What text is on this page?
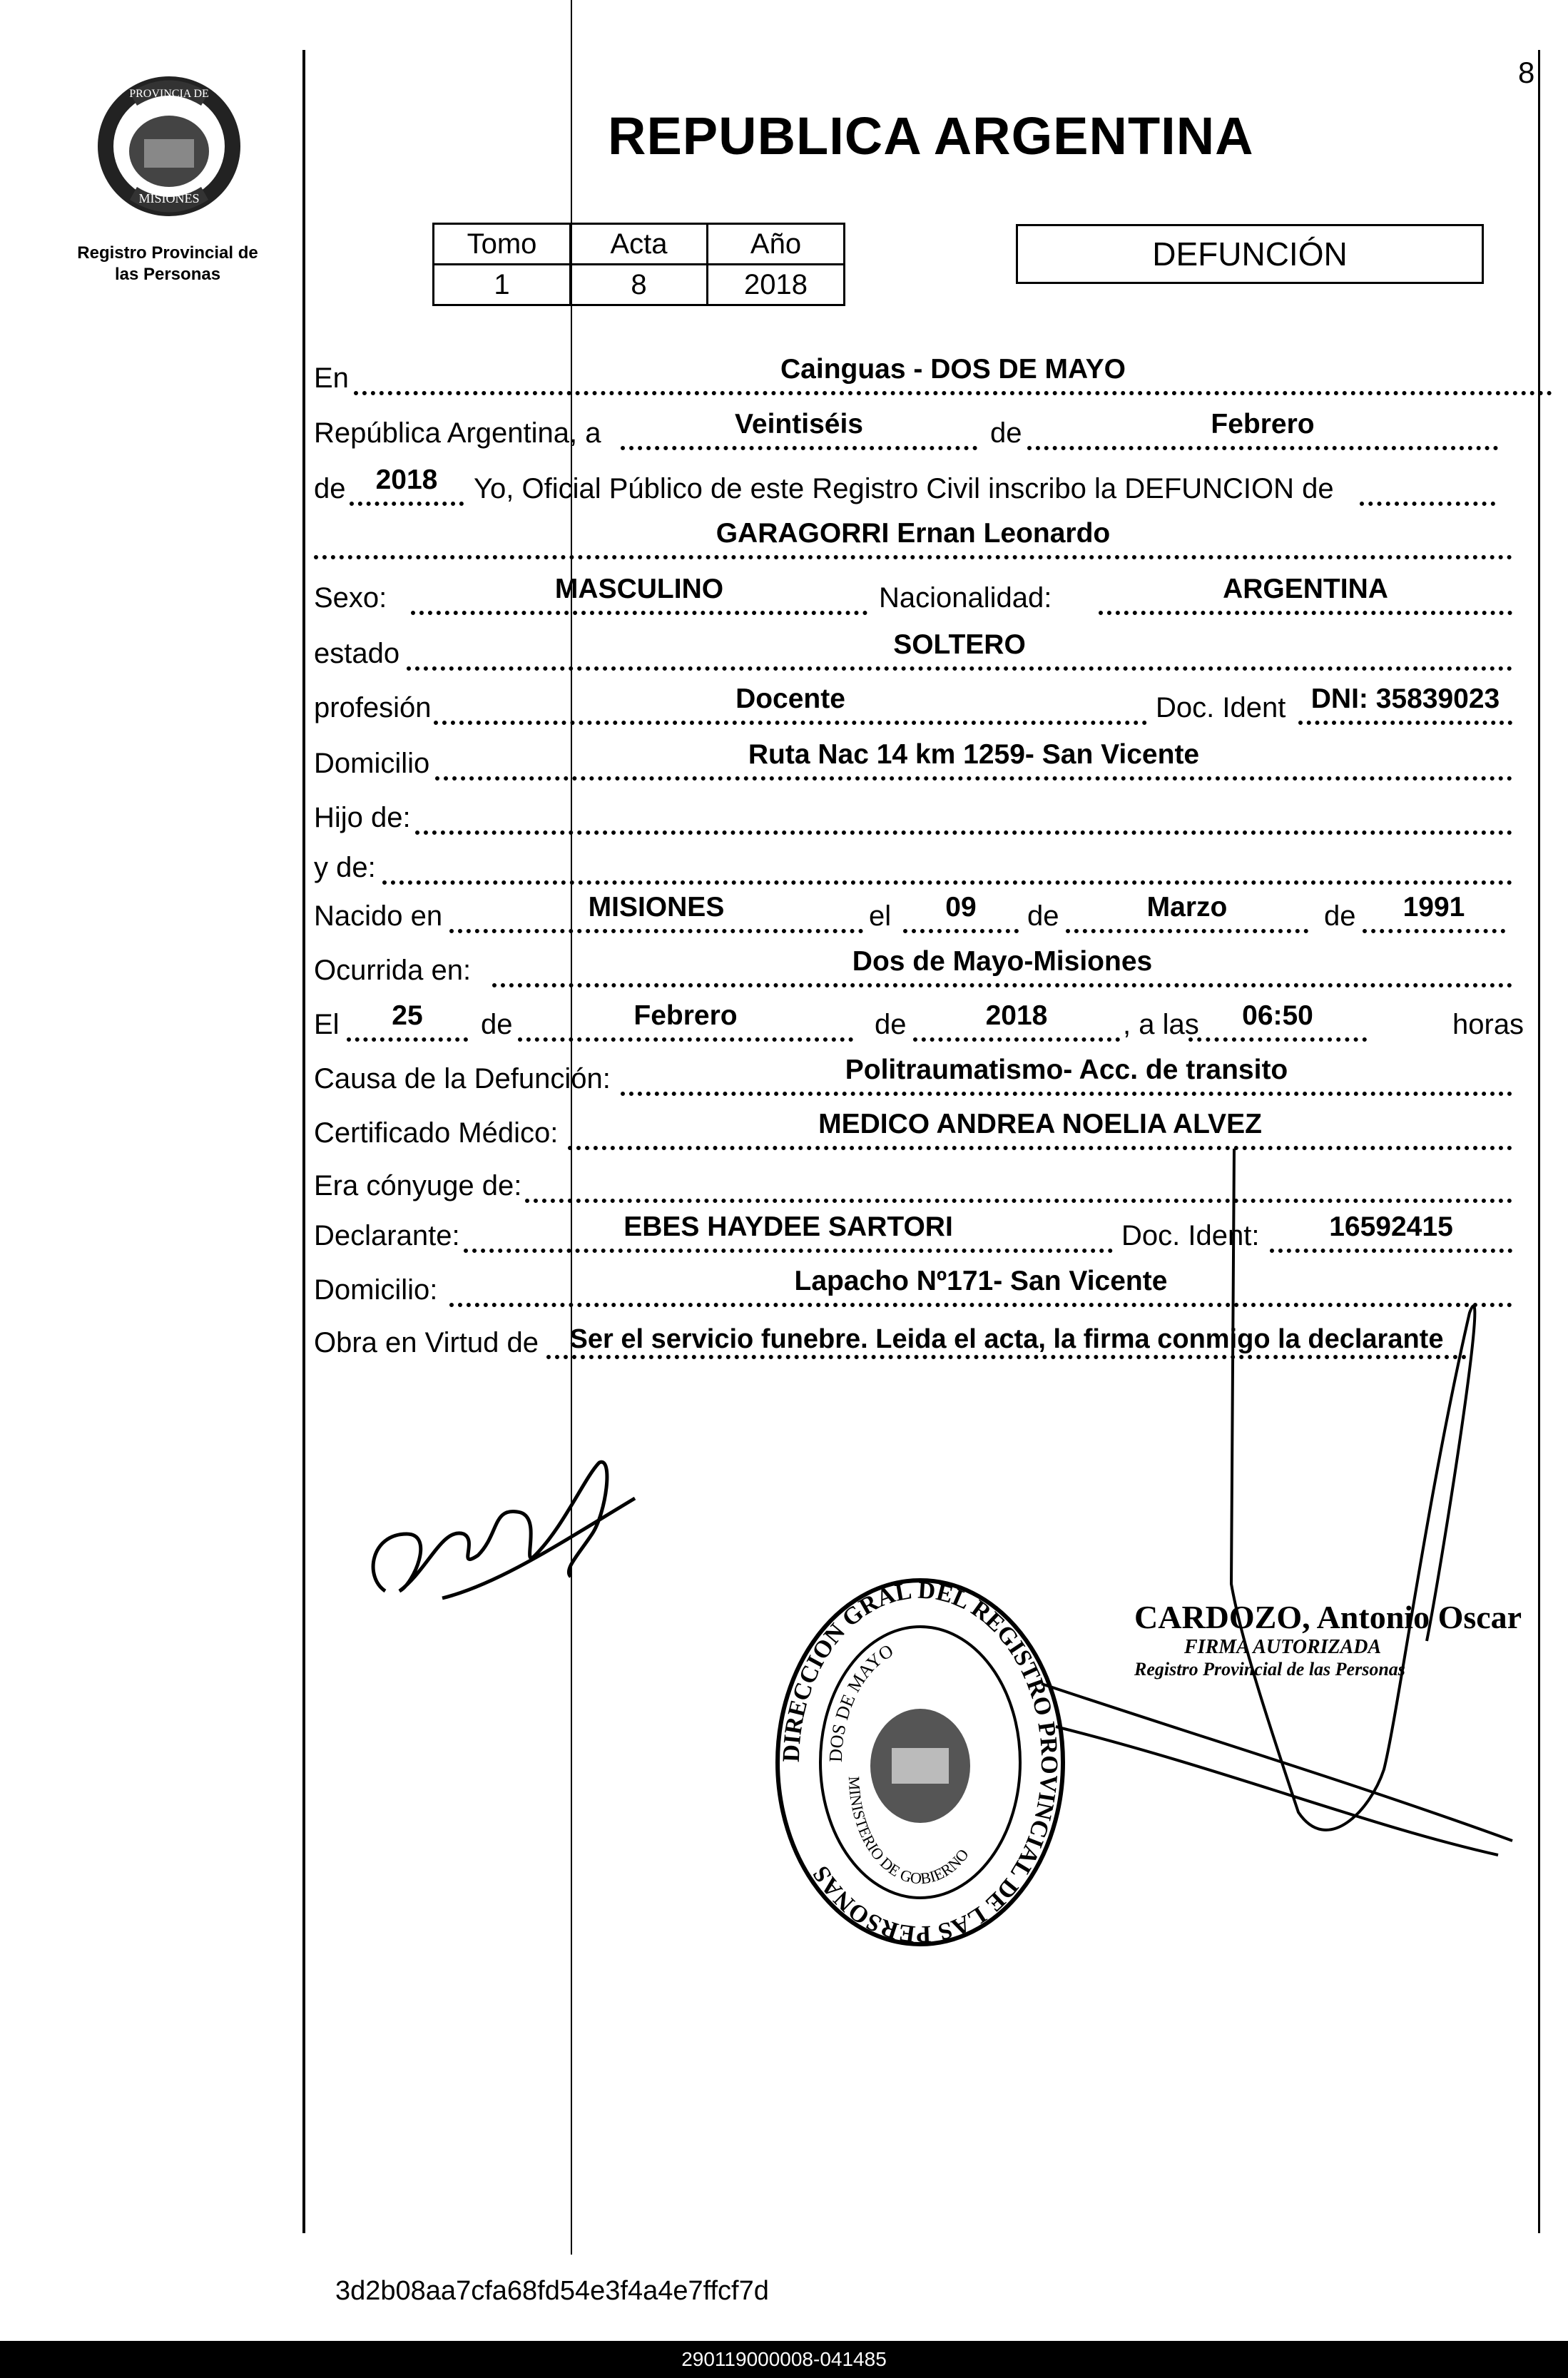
8
PROVINCIA DE
MISIONES
Registro Provincial de
las Personas
REPUBLICA ARGENTINA
Tomo	Acta	Año
1	8	2018
DEFUNCIÓN
En	Cainguas - DOS DE MAYO
República Argentina, a	Veintiséis	de	Febrero
de	2018	Yo, Oficial Público de este Registro Civil inscribo la DEFUNCION de
GARAGORRI Ernan Leonardo
Sexo:	MASCULINO	Nacionalidad:	ARGENTINA
estado	SOLTERO
profesión	Docente	Doc. Ident DNI: 35839023
Domicilio	Ruta Nac 14 km 1259- San Vicente
Hijo de:
y de:
Nacido en	MISIONES	el	09	de	Marzo	de	1991
Ocurrida en:	Dos de Mayo-Misiones
El	25	de	Febrero	de	2018	, a las	06:50	horas
Causa de la Defunción:	Politraumatismo- Acc. de transito
Certificado Médico:	MEDICO ANDREA NOELIA ALVEZ
Era cónyuge de:
Declarante:	EBES HAYDEE SARTORI	Doc. Ident:	16592415
Domicilio:	Lapacho Nº171- San Vicente
Obra en Virtud de Ser el servicio funebre. Leida el acta, la firma conmigo la declarante
DIRECCION GRAL DEL REGISTRO PROVINCIAL DE LAS PERSONAS
DOS DE MAYO
MINISTERIO DE GOBIERNO
CARDOZO, Antonio Oscar
FIRMA AUTORIZADA
Registro Provincial de las Personas
3d2b08aa7cfa68fd54e3f4a4e7ffcf7d
290119000008-041485
